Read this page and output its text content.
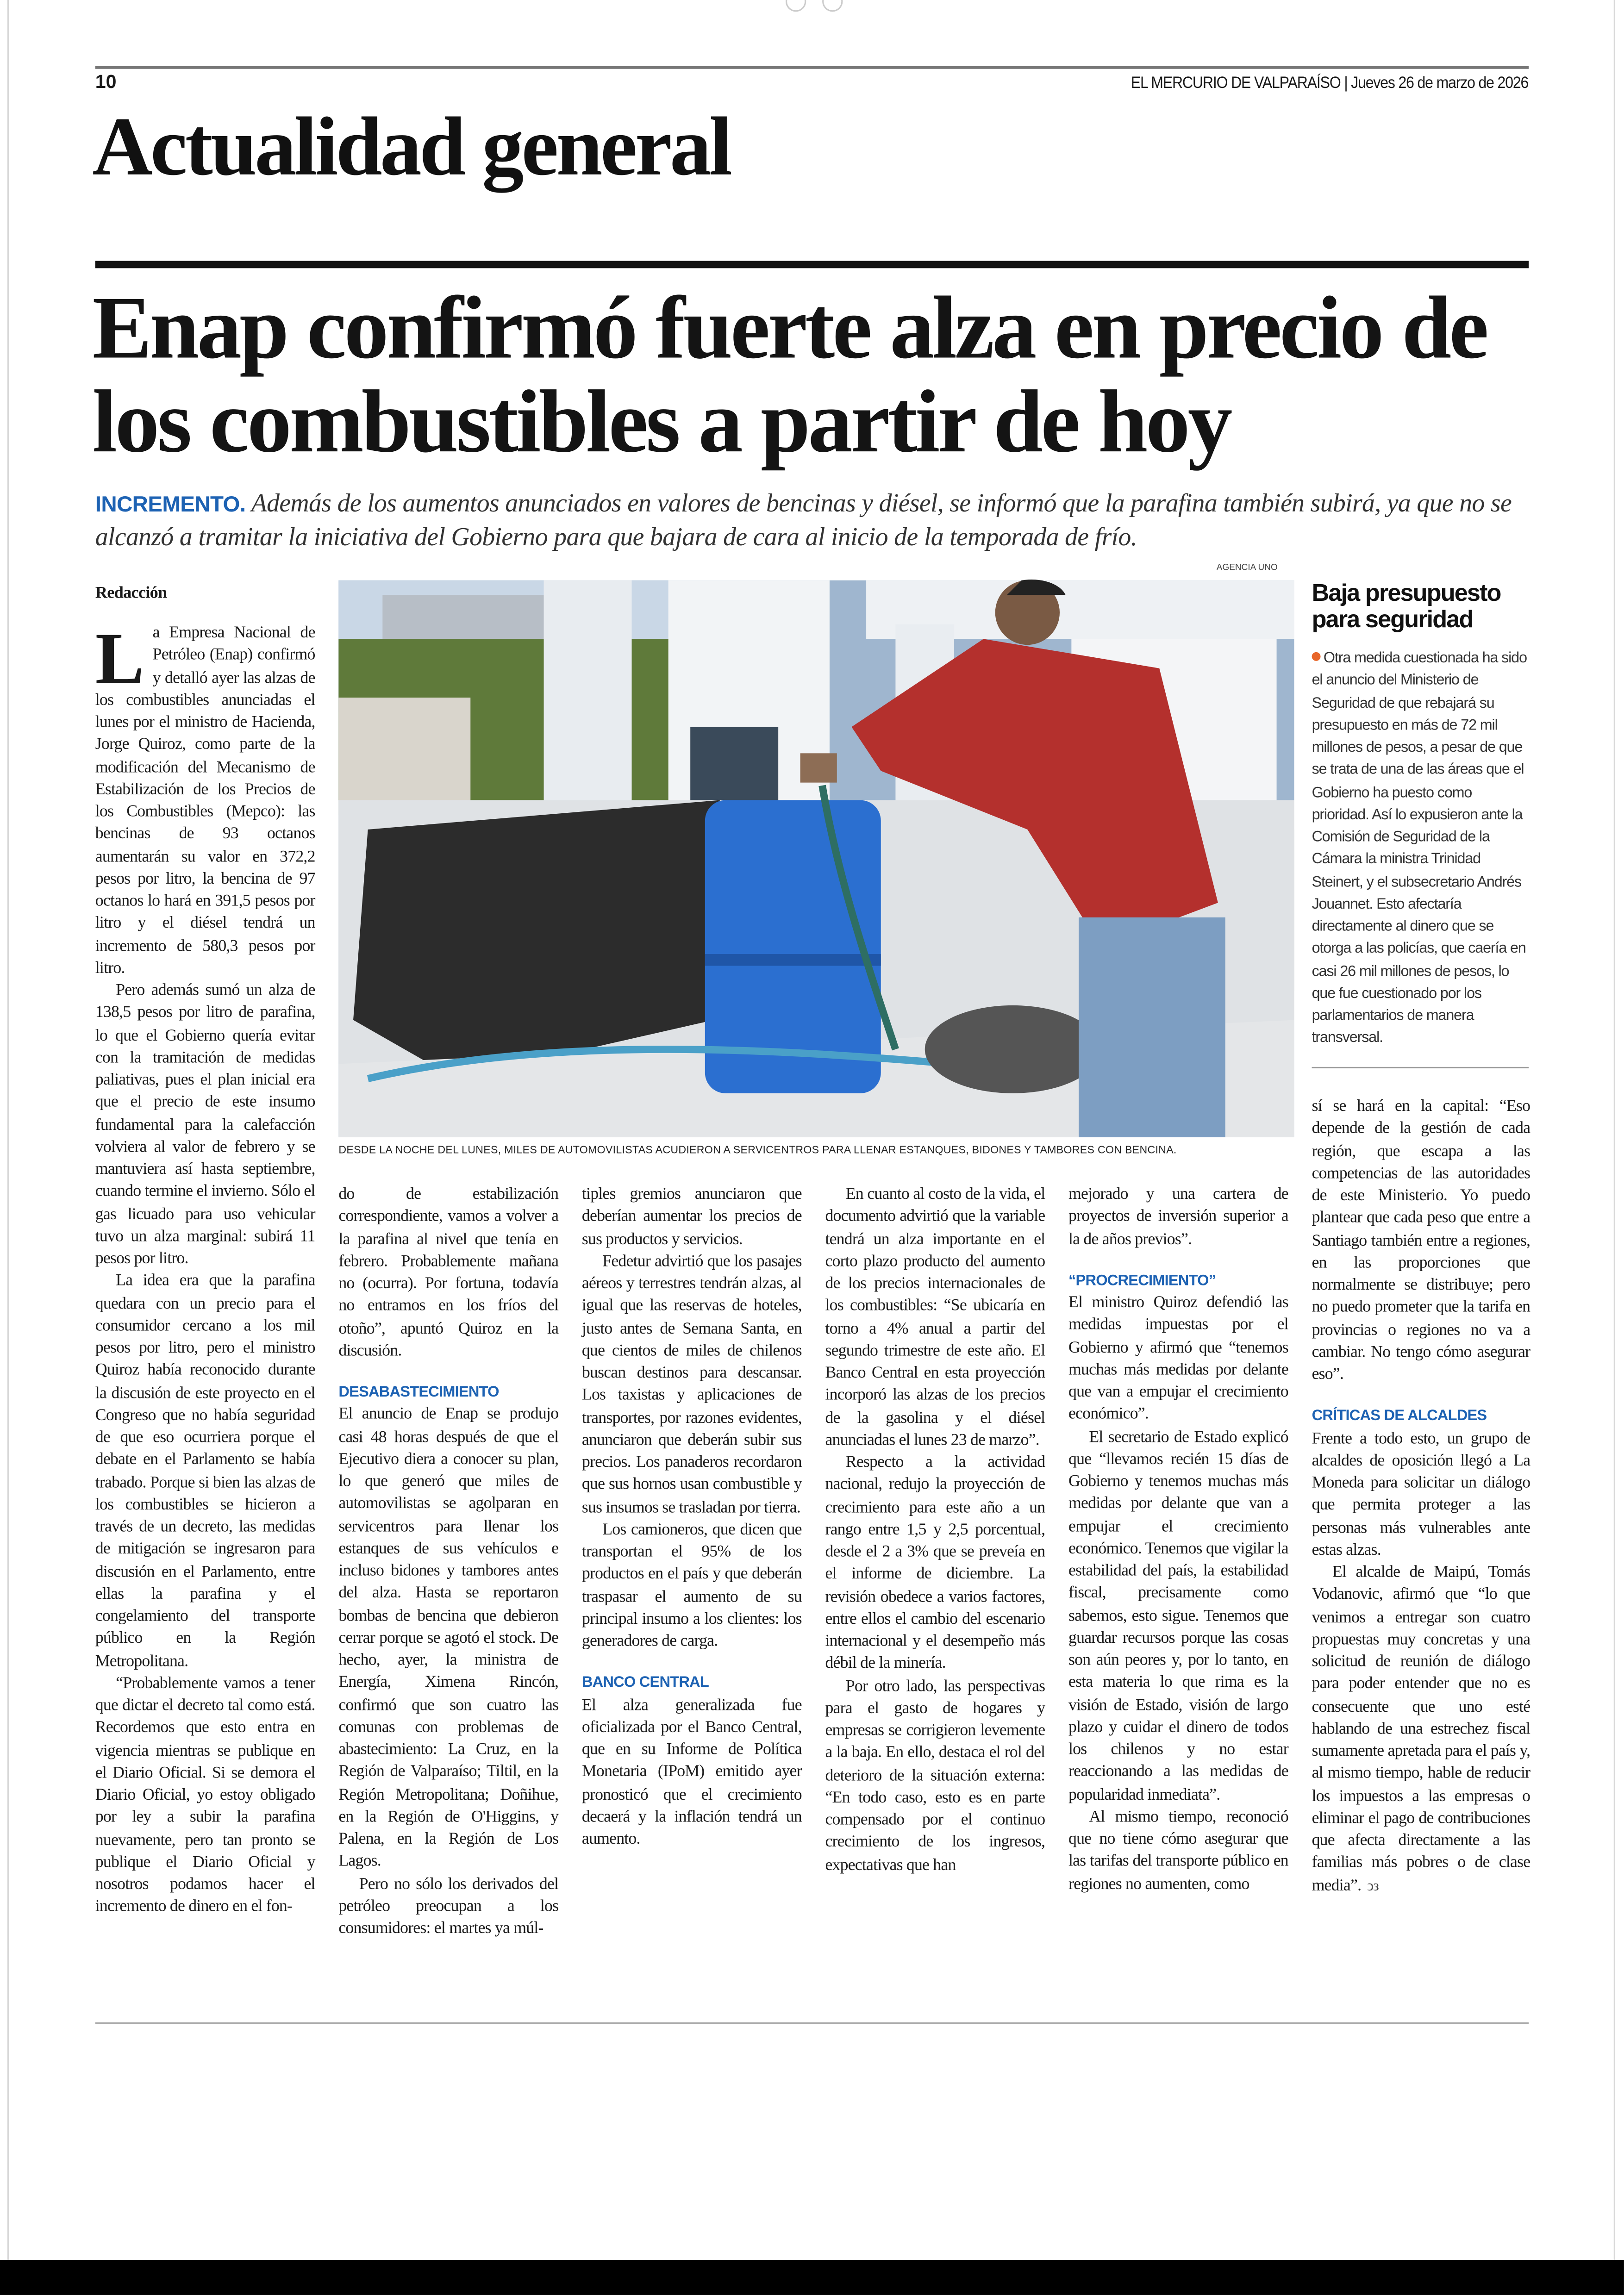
10	EL MERCURIO DE VALPARAÍSO | Jueves 26 de marzo de 2026
Actualidad general
Enap confirmó fuerte alza en precio de los combustibles a partir de hoy
INCREMENTO. Además de los aumentos anunciados en valores de bencinas y diésel, se informó que la parafina también subirá, ya que no se alcanzó a tramitar la iniciativa del Gobierno para que bajara de cara al inicio de la temporada de frío.
AGENCIA UNO
DESDE LA NOCHE DEL LUNES, MILES DE AUTOMOVILISTAS ACUDIERON A SERVICENTROS PARA LLENAR ESTANQUES, BIDONES Y TAMBORES CON BENCINA.
Redacción

L a Empresa Nacional de Petróleo (Enap) confirmó y detalló ayer las alzas de los combustibles anunciadas el lunes por el ministro de Hacienda, Jorge Quiroz, como parte de la modificación del Mecanismo de Estabilización de los Precios de los Combustibles (Mepco): las bencinas de 93 octanos aumentarán su valor en 372,2 pesos por litro, la bencina de 97 octanos lo hará en 391,5 pesos por litro y el diésel tendrá un incremento de 580,3 pesos por litro.

Pero además sumó un alza de 138,5 pesos por litro de parafina, lo que el Gobierno quería evitar con la tramitación de medidas paliativas, pues el plan inicial era que el precio de este insumo fundamental para la calefacción volviera al valor de febrero y se mantuviera así hasta septiembre, cuando termine el invierno. Sólo el gas licuado para uso vehicular tuvo un alza marginal: subirá 11 pesos por litro.

La idea era que la parafina quedara con un precio para el consumidor cercano a los mil pesos por litro, pero el ministro Quiroz había reconocido durante la discusión de este proyecto en el Congreso que no había seguridad de que eso ocurriera porque el debate en el Parlamento se había trabado. Porque si bien las alzas de los combustibles se hicieron a través de un decreto, las medidas de mitigación se ingresaron para discusión en el Parlamento, entre ellas la parafina y el congelamiento del transporte público en la Región Metropolitana.

“Probablemente vamos a tener que dictar el decreto tal como está. Recordemos que esto entra en vigencia mientras se publique en el Diario Oficial. Si se demora el Diario Oficial, yo estoy obligado por ley a subir la parafina nuevamente, pero tan pronto se publique el Diario Oficial y nosotros podamos hacer el incremento de dinero en el fon-

do de estabilización correspondiente, vamos a volver a la parafina al nivel que tenía en febrero. Probablemente mañana no (ocurra). Por fortuna, todavía no entramos en los fríos del otoño”, apuntó Quiroz en la discusión.

DESABASTECIMIENTO

El anuncio de Enap se produjo casi 48 horas después de que el Ejecutivo diera a conocer su plan, lo que generó que miles de automovilistas se agolparan en servicentros para llenar los estanques de sus vehículos e incluso bidones y tambores antes del alza. Hasta se reportaron bombas de bencina que debieron cerrar porque se agotó el stock. De hecho, ayer, la ministra de Energía, Ximena Rincón, confirmó que son cuatro las comunas con problemas de abastecimiento: La Cruz, en la Región de Valparaíso; Tiltil, en la Región Metropolitana; Doñihue, en la Región de O'Higgins, y Palena, en la Región de Los Lagos.

Pero no sólo los derivados del petróleo preocupan a los consumidores: el martes ya múl-

tiples gremios anunciaron que deberían aumentar los precios de sus productos y servicios.

Fedetur advirtió que los pasajes aéreos y terrestres tendrán alzas, al igual que las reservas de hoteles, justo antes de Semana Santa, en que cientos de miles de chilenos buscan destinos para descansar. Los taxistas y aplicaciones de transportes, por razones evidentes, anunciaron que deberán subir sus precios. Los panaderos recordaron que sus hornos usan combustible y sus insumos se trasladan por tierra.

Los camioneros, que dicen que transportan el 95% de los productos en el país y que deberán traspasar el aumento de su principal insumo a los clientes: los generadores de carga.

BANCO CENTRAL

El alza generalizada fue oficializada por el Banco Central, que en su Informe de Política Monetaria (IPoM) emitido ayer pronosticó que el crecimiento decaerá y la inflación tendrá un aumento.

En cuanto al costo de la vida, el documento advirtió que la variable tendrá un alza importante en el corto plazo producto del aumento de los precios internacionales de los combustibles: “Se ubicaría en torno a 4% anual a partir del segundo trimestre de este año. El Banco Central en esta proyección incorporó las alzas de los precios de la gasolina y el diésel anunciadas el lunes 23 de marzo”.

Respecto a la actividad nacional, redujo la proyección de crecimiento para este año a un rango entre 1,5 y 2,5 porcentual, desde el 2 a 3% que se preveía en el informe de diciembre. La revisión obedece a varios factores, entre ellos el cambio del escenario internacional y el desempeño más débil de la minería.

Por otro lado, las perspectivas para el gasto de hogares y empresas se corrigieron levemente a la baja. En ello, destaca el rol del deterioro de la situación externa: “En todo caso, esto es en parte compensado por el continuo crecimiento de los ingresos, expectativas que han

mejorado y una cartera de proyectos de inversión superior a la de años previos”.

“PROCRECIMIENTO”

El ministro Quiroz defendió las medidas impuestas por el Gobierno y afirmó que “tenemos muchas más medidas por delante que van a empujar el crecimiento económico”.

El secretario de Estado explicó que “llevamos recién 15 días de Gobierno y tenemos muchas más medidas por delante que van a empujar el crecimiento económico. Tenemos que vigilar la estabilidad del país, la estabilidad fiscal, precisamente como sabemos, esto sigue. Tenemos que guardar recursos porque las cosas son aún peores y, por lo tanto, en esta materia lo que rima es la visión de Estado, visión de largo plazo y cuidar el dinero de todos los chilenos y no estar reaccionando a las medidas de popularidad inmediata”.

Al mismo tiempo, reconoció que no tiene cómo asegurar que las tarifas del transporte público en regiones no aumenten, como

Baja presupuesto para seguridad
Otra medida cuestionada ha sido el anuncio del Ministerio de Seguridad de que rebajará su presupuesto en más de 72 mil millones de pesos, a pesar de que se trata de una de las áreas que el Gobierno ha puesto como prioridad. Así lo expusieron ante la Comisión de Seguridad de la Cámara la ministra Trinidad Steinert, y el subsecretario Andrés Jouannet. Esto afectaría directamente al dinero que se otorga a las policías, que caería en casi 26 mil millones de pesos, lo que fue cuestionado por los parlamentarios de manera transversal.

sí se hará en la capital: “Eso depende de la gestión de cada región, que escapa a las competencias de las autoridades de este Ministerio. Yo puedo plantear que cada peso que entre a Santiago también entre a regiones, en las proporciones que normalmente se distribuye; pero no puedo prometer que la tarifa en provincias o regiones no va a cambiar. No tengo cómo asegurar eso”.

CRÍTICAS DE ALCALDES

Frente a todo esto, un grupo de alcaldes de oposición llegó a La Moneda para solicitar un diálogo que permita proteger a las personas más vulnerables ante estas alzas.

El alcalde de Maipú, Tomás Vodanovic, afirmó que “lo que venimos a entregar son cuatro propuestas muy concretas y una solicitud de reunión de diálogo para poder entender que no es consecuente que uno esté hablando de una estrechez fiscal sumamente apretada para el país y, al mismo tiempo, hable de reducir los impuestos a las empresas o eliminar el pago de contribuciones que afecta directamente a las familias más pobres o de clase media”. ↄз
